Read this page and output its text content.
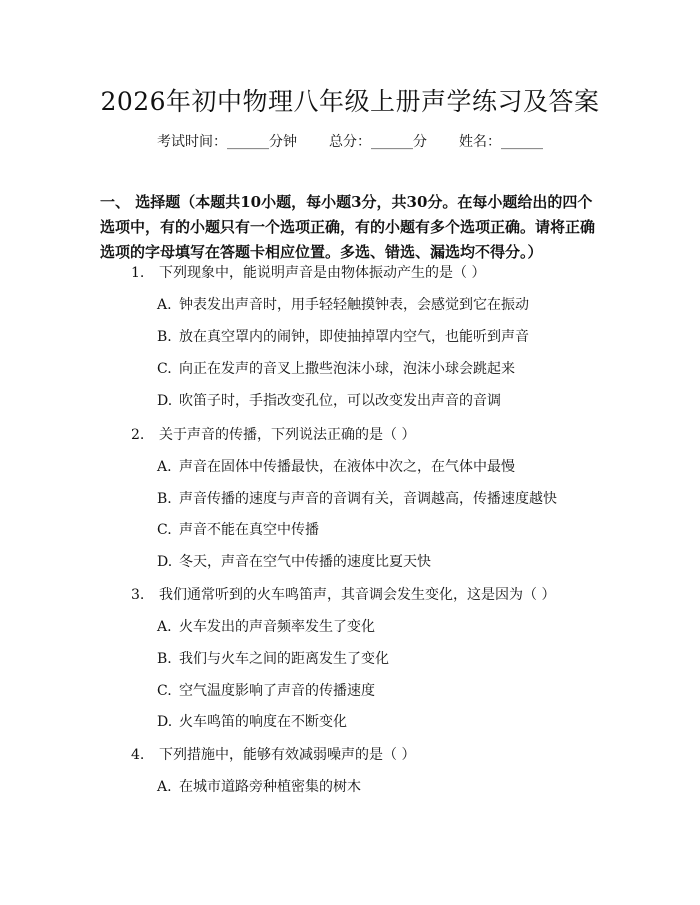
2026年初中物理八年级上册声学练习及答案
考试时间：______分钟 总分：______分 姓名：______
一、 选择题（本题共10小题，每小题3分，共30分。在每小题给出的四个选项中，有的小题只有一个选项正确，有的小题有多个选项正确。请将正确选项的字母填写在答题卡相应位置。多选、错选、漏选均不得分。）
1. 下列现象中，能说明声音是由物体振动产生的是（ ）
A. 钟表发出声音时，用手轻轻触摸钟表，会感觉到它在振动
B. 放在真空罩内的闹钟，即使抽掉罩内空气，也能听到声音
C. 向正在发声的音叉上撒些泡沫小球，泡沫小球会跳起来
D. 吹笛子时，手指改变孔位，可以改变发出声音的音调
2. 关于声音的传播，下列说法正确的是（ ）
A. 声音在固体中传播最快，在液体中次之，在气体中最慢
B. 声音传播的速度与声音的音调有关，音调越高，传播速度越快
C. 声音不能在真空中传播
D. 冬天，声音在空气中传播的速度比夏天快
3. 我们通常听到的火车鸣笛声，其音调会发生变化，这是因为（ ）
A. 火车发出的声音频率发生了变化
B. 我们与火车之间的距离发生了变化
C. 空气温度影响了声音的传播速度
D. 火车鸣笛的响度在不断变化
4. 下列措施中，能够有效减弱噪声的是（ ）
A. 在城市道路旁种植密集的树木
